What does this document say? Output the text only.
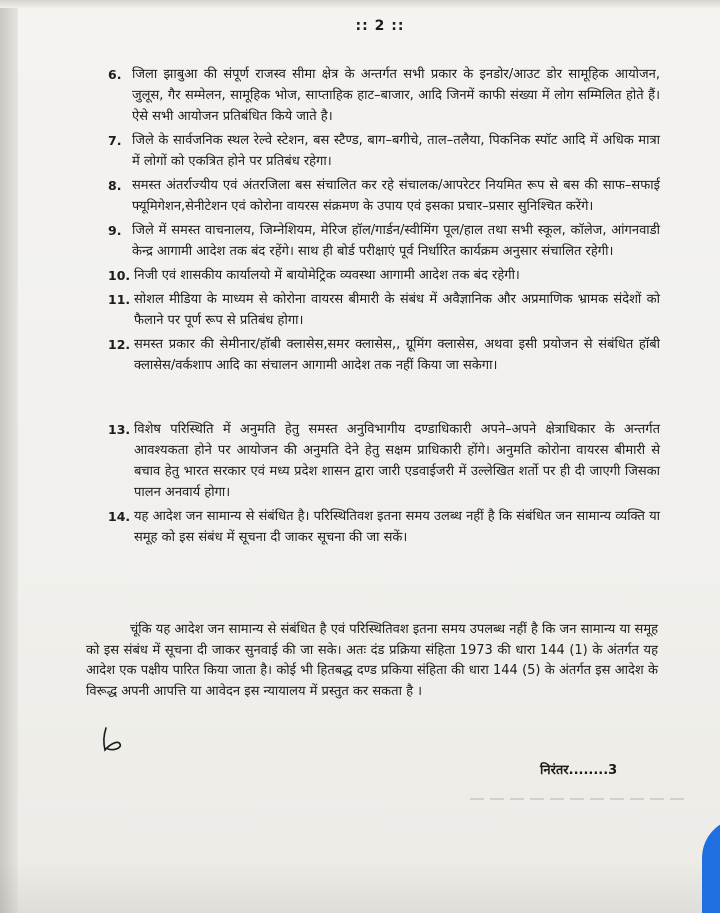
:: 2 ::
6. जिला झाबुआ की संपूर्ण राजस्व सीमा क्षेत्र के अन्तर्गत सभी प्रकार के इनडोर/आउट डोर सामूहिक आयोजन, जुलूस, गैर सम्मेलन, सामूहिक भोज, साप्ताहिक हाट–बाजार, आदि जिनमें काफी संख्या में लोग सम्मिलित होते हैं। ऐसे सभी आयोजन प्रतिबंधित किये जाते है।
7. जिले के सार्वजनिक स्थल रेल्वे स्टेशन, बस स्टैण्ड, बाग–बगीचे, ताल–तलैया, पिकनिक स्पॉट आदि में अधिक मात्रा में लोगों को एकत्रित होने पर प्रतिबंध रहेगा।
8. समस्त अंतर्राज्यीय एवं अंतरजिला बस संचालित कर रहे संचालक/आपरेटर नियमित रूप से बस की साफ–सफाई फ्यूमिगेशन,सेनीटेशन एवं कोरोना वायरस संक्रमण के उपाय एवं इसका प्रचार–प्रसार सुनिश्चित करेंगे।
9. जिले में समस्त वाचनालय, जिम्नेशियम, मेरिज हॉल/गार्डन/स्वीमिंग पूल/हाल तथा सभी स्कूल, कॉलेज, आंगनवाडी केन्द्र आगामी आदेश तक बंद रहेंगे। साथ ही बोर्ड परीक्षाएं पूर्व निर्धारित कार्यक्रम अनुसार संचालित रहेगी।
10. निजी एवं शासकीय कार्यालयो में बायोमेट्रिक व्यवस्था आगामी आदेश तक बंद रहेगी।
11. सोशल मीडिया के माध्यम से कोरोना वायरस बीमारी के संबंध में अवैज्ञानिक और अप्रमाणिक भ्रामक संदेशों को फैलाने पर पूर्ण रूप से प्रतिबंध होगा।
12. समस्त प्रकार की सेमीनार/हॉबी क्लासेस,समर क्लासेस,, ग्रूमिंग क्लासेस, अथवा इसी प्रयोजन से संबंधित हॉबी क्लासेस/वर्कशाप आदि का संचालन आगामी आदेश तक नहीं किया जा सकेगा।
13. विशेष परिस्थिति में अनुमति हेतु समस्त अनुविभागीय दण्डाधिकारी अपने–अपने क्षेत्राधिकार के अन्तर्गत आवश्यकता होने पर आयोजन की अनुमति देने हेतु सक्षम प्राधिकारी होंगे। अनुमति कोरोना वायरस बीमारी से बचाव हेतु भारत सरकार एवं मध्य प्रदेश शासन द्वारा जारी एडवाईजरी में उल्लेखित शर्तो पर ही दी जाएगी जिसका पालन अनवार्य होगा।
14. यह आदेश जन सामान्य से संबंधित है। परिस्थितिवश इतना समय उलब्ध नहीं है कि संबंधित जन सामान्य व्यक्ति या समूह को इस संबंध में सूचना दी जाकर सूचना की जा सकें।
चूंकि यह आदेश जन सामान्य से संबंधित है एवं परिस्थितिवश इतना समय उपलब्ध नहीं है कि जन सामान्य या समूह को इस संबंध में सूचना दी जाकर सुनवाई की जा सके। अतः दंड प्रक्रिया संहिता 1973 की धारा 144 (1) के अंतर्गत यह आदेश एक पक्षीय पारित किया जाता है। कोई भी हितबद्ध दण्ड प्रकिया संहिता की धारा 144 (5) के अंतर्गत इस आदेश के विरूद्ध अपनी आपत्ति या आवेदन इस न्यायालय में प्रस्तुत कर सकता है ।
निरंतर........3
